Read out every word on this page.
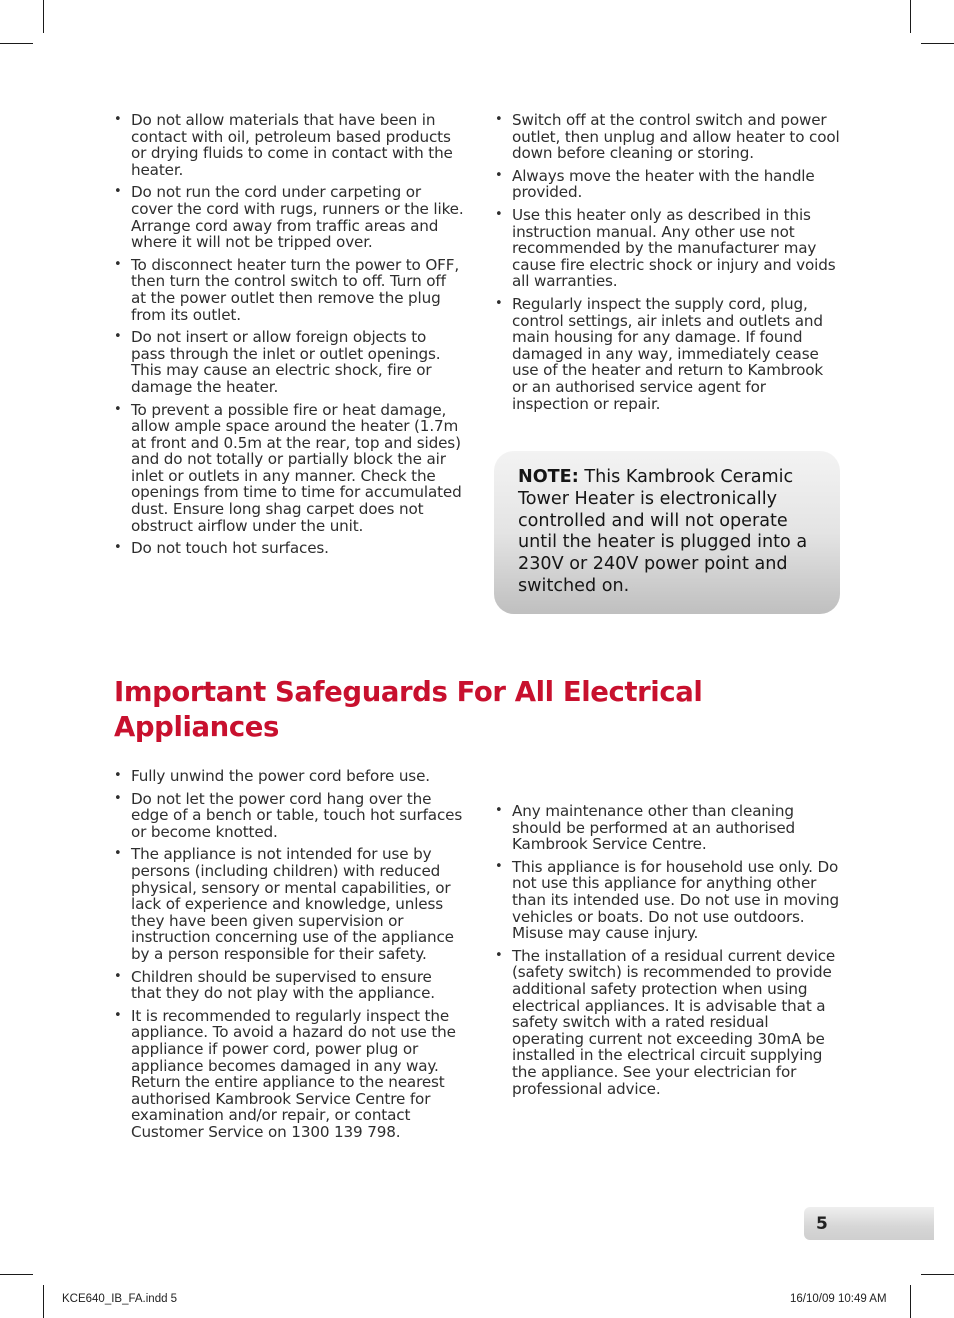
• Do not allow materials that have been in contact with oil, petroleum based products or drying fluids to come in contact with the heater.
• Do not run the cord under carpeting or cover the cord with rugs, runners or the like. Arrange cord away from traffic areas and where it will not be tripped over.
• To disconnect heater turn the power to OFF, then turn the control switch to off. Turn off at the power outlet then remove the plug from its outlet.
• Do not insert or allow foreign objects to pass through the inlet or outlet openings. This may cause an electric shock, fire or damage the heater.
• To prevent a possible fire or heat damage, allow ample space around the heater (1.7m at front and 0.5m at the rear, top and sides) and do not totally or partially block the air inlet or outlets in any manner. Check the openings from time to time for accumulated dust. Ensure long shag carpet does not obstruct airflow under the unit.
• Do not touch hot surfaces.
• Switch off at the control switch and power outlet, then unplug and allow heater to cool down before cleaning or storing.
• Always move the heater with the handle provided.
• Use this heater only as described in this instruction manual. Any other use not recommended by the manufacturer may cause fire electric shock or injury and voids all warranties.
• Regularly inspect the supply cord, plug, control settings, air inlets and outlets and main housing for any damage. If found damaged in any way, immediately cease use of the heater and return to Kambrook or an authorised service agent for inspection or repair.
NOTE: This Kambrook Ceramic Tower Heater is electronically controlled and will not operate until the heater is plugged into a 230V or 240V power point and switched on.
Important Safeguards For All Electrical Appliances
• Fully unwind the power cord before use.
• Do not let the power cord hang over the edge of a bench or table, touch hot surfaces or become knotted.
• The appliance is not intended for use by persons (including children) with reduced physical, sensory or mental capabilities, or lack of experience and knowledge, unless they have been given supervision or instruction concerning use of the appliance by a person responsible for their safety.
• Children should be supervised to ensure that they do not play with the appliance.
• It is recommended to regularly inspect the appliance. To avoid a hazard do not use the appliance if power cord, power plug or appliance becomes damaged in any way. Return the entire appliance to the nearest authorised Kambrook Service Centre for examination and/or repair, or contact Customer Service on 1300 139 798.
• Any maintenance other than cleaning should be performed at an authorised Kambrook Service Centre.
• This appliance is for household use only. Do not use this appliance for anything other than its intended use. Do not use in moving vehicles or boats. Do not use outdoors. Misuse may cause injury.
• The installation of a residual current device (safety switch) is recommended to provide additional safety protection when using electrical appliances. It is advisable that a safety switch with a rated residual operating current not exceeding 30mA be installed in the electrical circuit supplying the appliance. See your electrician for professional advice.
5
KCE640_IB_FA.indd 5	16/10/09 10:49 AM
